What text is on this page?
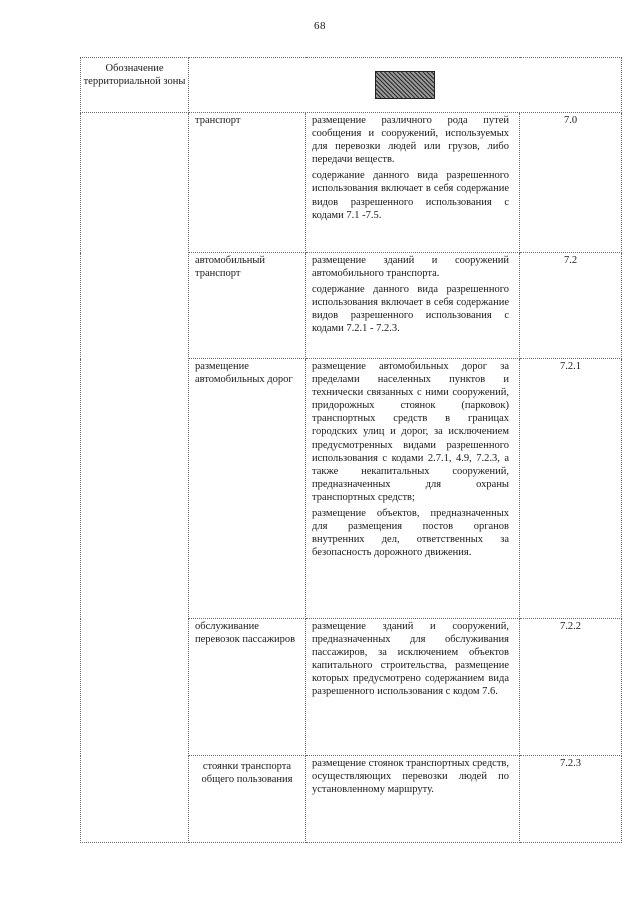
68
Обозначение территориальной зоны			
	транспорт	размещение различного рода путей сообщения и сооружений, используемых для перевозки людей или грузов, либо передачи веществ.

содержание данного вида разрешенного использования включает в себя содержание видов разрешенного использования с кодами 7.1 -7.5.	7.0
	автомобильный транспорт	размещение зданий и сооружений автомобильного транспорта.

содержание данного вида разрешенного использования включает в себя содержание видов разрешенного использования с кодами 7.2.1 - 7.2.3.	7.2
	размещение автомобильных дорог	размещение автомобильных дорог за пределами населенных пунктов и технически связанных с ними сооружений, придорожных стоянок (парковок) транспортных средств в границах городских улиц и дорог, за исключением предусмотренных видами разрешенного использования с кодами 2.7.1, 4.9, 7.2.3, а также некапитальных сооружений, предназначенных для охраны транспортных средств;

размещение объектов, предназначенных для размещения постов органов внутренних дел, ответственных за безопасность дорожного движения.	7.2.1
	обслуживание перевозок пассажиров	размещение зданий и сооружений, предназначенных для обслуживания пассажиров, за исключением объектов капитального строительства, размещение которых предусмотрено содержанием вида разрешенного использования с кодом 7.6.	7.2.2
	стоянки транспорта общего пользования	размещение стоянок транспортных средств, осуществляющих перевозки людей по установленному маршруту.	7.2.3
